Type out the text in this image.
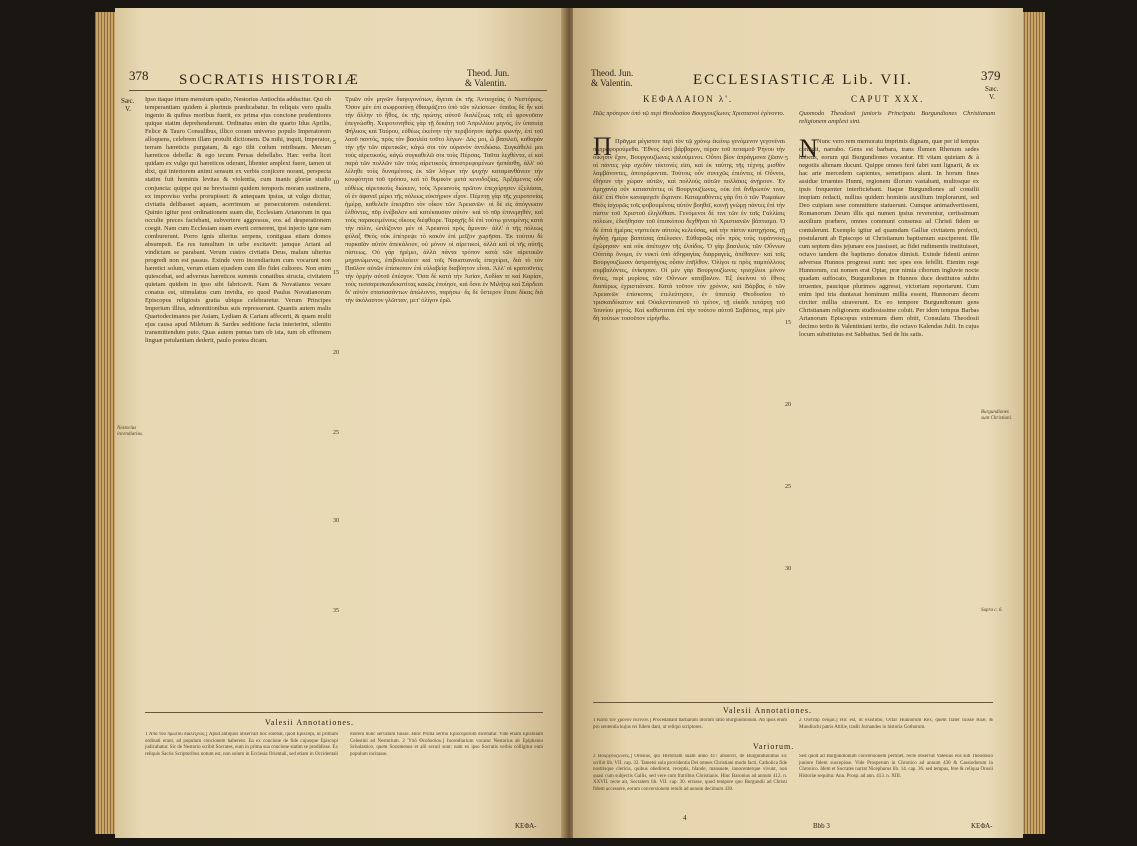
378 SOCRATIS HISTORIÆ	Theod. Jun.
& Valentin.
Sæc.
V.
Ipso itaque trium mensium spatio, Nestorius Antiochia adducitur. Qui ob temperantiam quidem à plurimis prædicabatur. In reliquis vero qualis ingenio & quibus moribus fuerit, ex prima ejus concione prudentiores quique statim deprehenderunt. Ordinatus enim die quarto Idus Aprilis, Felice & Tauro Consulibus, illico coram universo populo Imperatorem alloquens, celebrem illam protulit dictionem. Da mihi, inquit, Imperator, terram hæreticis purgatam, & ego tibi cœlum retribuam. Mecum hæreticos debella: & ego tecum Persas debellabo. Hæc verba licet quidam ex vulgo qui hæreticos oderant, libenter amplexi fuere, tamen ut dixi, qui interiorem animi sensum ex verbis conjicere norant, perspecta statim fuit hominis levitas & violentia, cum inanis gloriæ studio conjuncta: quippe qui ne brevissimi quidem temporis moram sustinens, ex improviso verba prorupisset: & antequam ipsius, ut vulgo dicitur, civitatis delibasset aquam, acerrimum se persecutorem ostenderet. Quinto igitur post ordinationem suam die, Ecclesiam Arianorum in qua occulte preces faciebant, subvertere aggressus, eos ad desperationem coegit. Nam cum Ecclesiam suam everti cernerent, ipsi injecto igne eam comburerunt. Porro ignis ulterius serpens, contiguas etiam domos absumpsit. Ea res tumultum in urbe excitavit: jamque Ariani ad vindictam se parabant. Verum custos civitatis Deus, malum ulterius progredi non est passus. Exinde vero incendiarium cum vocarunt non hæretici solum, verum etiam ejusdem cum illo fidei cultores. Non enim quiescebat, sed adversus hæreticos summis conatibus structa, civitatem quietam quidem in ipso sibi fabricavit. Nam & Novatianos vexare conatus est, stimulatus cum invidia, eo quod Paulus Novatianorum Episcopus religiosis gratia ubique celebraretur. Verum Principes Imperium illius, admonitionibus suis represserunt. Quantis autem malis Quartodecimanos per Asiam, Lydiam & Cariam affecerit, & quam multi ejus causa apud Miletum & Sardes seditione facta interierint, silentio transmittendum puto. Quas autem pœnas tum ob ista, tum ob effrenem linguæ petulantiam dederit, paulo postea dicam.
Nestorius incendiarius.
5
10
15
20
25
30
35
Τριῶν οὖν μηνῶν διαγεγονότων, ἄγεται ἐκ τῆς Ἀντιοχείας ὁ Νεστόριος. Ὅσον μὲν ἐπὶ σωφροσύνῃ ἐθαυμάζετο ὑπὸ τῶν πλείστων· ὁποῖος δὲ ἦν καὶ τὴν ἄλλην τὸ ἦθος, ἐκ τῆς πρώτης αὐτοῦ διαλέξεως τοῖς εὖ φρονοῦσιν ἐπεγνώσθη. Χειροτονηθεὶς γὰρ τῇ δεκάτῃ τοῦ Ἀπριλλίου μηνός, ἐν ὑπατείᾳ Φήλικος καὶ Ταύρου, εὐθέως ἐκείνην τὴν περιβόητον ἀφῆκε φωνήν, ἐπὶ τοῦ λαοῦ παντός, πρὸς τὸν βασιλέα τοῦτο λέγων· Δός μοι, ὦ βασιλεῦ, καθαρὰν τὴν γῆν τῶν αἱρετικῶν, κἀγώ σοι τὸν οὐρανὸν ἀντιδώσω. Συγκάθελέ μοι τοὺς αἱρετικούς, κἀγώ συγκαθελῶ σοι τοὺς Πέρσας. Ταῦτα λεχθέντα, εἰ καὶ παρὰ τῶν πολλῶν τῶν τοὺς αἱρετικοὺς ἀποστρεφομένων ἠσπάσθη, ἀλλ' οὐ λέληθε τοὺς δυναμένους ἐκ τῶν λόγων τὴν ψυχὴν καταμανθάνειν τὴν κουφότητα τοῦ τρόπου, καὶ τὸ θυμικὸν μετὰ κενοδοξίας. Ἀρξάμενος οὖν εὐθέως αἱρετικοὺς διώκειν, τοὺς Ἀρειανοὺς πρῶτον ἐπεχείρησεν ἐξελάσαι, οἳ ἐν ἀφανεῖ μέρει τῆς πόλεως εὐκτήριον εἶχον. Πέμπτῃ γὰρ τῆς χειροτονίας ἡμέρᾳ, καθελεῖν ἐπειρᾶτο τὸν οἶκον τῶν Ἀρειανῶν· οἱ δὲ εἰς ἀπόγνωσιν ἐλθόντες, πῦρ ἐνέβαλον καὶ κατέκαυσαν αὐτόν· καὶ τὸ πῦρ ἐπινεμηθέν, καὶ τοὺς παρακειμένους οἴκους διέφθειρε. Ταραχῆς δὲ ἐπὶ τούτῳ γενομένης κατὰ τὴν πόλιν, ὡπλίζοντο μὲν οἱ Ἀρειανοὶ πρὸς ἄμυναν· ἀλλ' ὁ τῆς πόλεως φύλαξ Θεὸς οὐκ ἐπέτρεψε τὸ κακὸν ἐπὶ μεῖζον χωρῆσαι. Ἐκ τούτου δὲ πυρκαϊὰν αὐτὸν ἀπεκάλουν, οὐ μόνον οἱ αἱρετικοί, ἀλλὰ καὶ οἱ τῆς αὐτῆς πίστεως. Οὐ γὰρ ἠρέμει, ἀλλὰ πάντα τρόπον κατὰ τῶν αἱρετικῶν μηχανώμενος, ἐπιβουλεύειν καὶ τοῖς Ναυατιανοῖς ἐπεχείρει, διὰ τὸ τὸν Παῦλον αὐτῶν ἐπίσκοπον ἐπὶ εὐλαβείᾳ διαβόητον εἶναι. Ἀλλ' οἱ κρατοῦντες τὴν ὁρμὴν αὐτοῦ ἐπέσχον. Ὅσα δὲ κατὰ τὴν Ἀσίαν, Λυδίαν τε καὶ Καρίαν, τοὺς τεσσαρεσκαιδεκατίτας κακῶς ἐποίησε, καὶ ὅσοι ἐν Μιλήτῳ καὶ Σάρδεσι δι' αὐτὸν στασιασάντων ἀπώλοντο, παρήσω· ἃς δὲ ὕστερον ἔτισε δίκας διὰ τὴν ἀκόλαστον γλῶτταν, μετ' ὀλίγον ἐρῶ.
Valesii Annotationes.
1 Ἀπὸ τοῦ πρώτου διαλέξεως.] Apud antiquos observari hoc solebat, quod Episcopi, ut primum ordinati erant, ad populum concionem haberent. Ea ex concione de fide cujusque Episcopi judicabatur. Sic de Nestorio scribit Socrates, eum in prima sua concione statim se prodidisse. Ex reliquis Sacris Scriptoribus notum est, non solum in Ecclesia Orientali, sed etiam in Occidentali morem hunc servatum fuisse. Hinc Prima sermo Episcoporum dicebatur. Vide etiam Epistolam Celestini ad Nestorium. 2 Ὑπὸ Θεοδοσίου.] Incendiarium vocatur Nestorius ab Epiphanio Scholastico, quem Sozomenus et alii secuti sunt: nam ex ipso Socratis verbis colligitur eum populum incitasse.
ΚΕΦΑ-
Theod. Jun.
& Valentin.	ECCLESIASTICÆ Lib. VII.	379
Sæc.
V.
ΚΕΦΑΛΑΙΟΝ λ'.	CAPUT XXX.
Πῶς πρότερον ὑπὸ τῷ περὶ Θεοδοσίου Βουργουζίωνες Χριστιανοὶ ἐγένοντο.	Quomodo Theodosii junioris Principatu Burgundiones Christianam religionem amplexi sint.
Π Πρᾶγμα μέγιστον περὶ τὸν τῷ χρόνῳ ἐκείνῳ γενόμενον γεγονέναι πληροφορούμεθα. Ἔθνος ἐστὶ βάρβαρον, πέραν τοῦ ποταμοῦ Ῥήνου τὴν οἴκησιν ἔχον, Βουργουζίωνες καλούμενοι. Οὗτοι βίον ἀπράγμονα ζῶσιν· οἱ πάντες γὰρ σχεδὸν τέκτονές εἰσι, καὶ ἐκ ταύτης τῆς τέχνης μισθὸν λαμβάνοντες, ἀποτρέφονται. Τούτοις οὖν συνεχῶς ἐπιόντες οἱ Οὖννοι, ἐδῄουν τὴν χώραν αὐτῶν, καὶ πολλοὺς αὐτῶν πολλάκις ἀνῄρουν. Ἐν ἀμηχανίᾳ οὖν καταστάντες οἱ Βουργουζίωνες, οὐκ ἐπὶ ἄνθρωπόν τινα, ἀλλ' ἐπὶ Θεὸν καταφυγεῖν ἔκριναν. Καταμαθόντες γὰρ ὅτι ὁ τῶν Ῥωμαίων Θεὸς ἰσχυρῶς τοῖς φοβουμένοις αὐτὸν βοηθεῖ, κοινῇ γνώμῃ πάντες ἐπὶ τὴν πίστιν τοῦ Χριστοῦ ἐληλύθασι. Γενόμενοι δέ τινι τῶν ἐν ταῖς Γαλλίαις πόλεων, ἐδεήθησαν τοῦ ἐπισκόπου δεχθῆναι τὸ Χριστιανῶν βάπτισμα. Ὁ δὲ ἑπτὰ ἡμέρας νηστεύειν αὐτοὺς κελεύσας, καὶ τὴν πίστιν κατηχήσας, τῇ ὀγδόῃ ἡμέρᾳ βαπτίσας ἀπέλυσεν. Εὐθαρσῶς οὖν πρὸς τοὺς τυράννους ἐχώρησαν· καὶ οὐκ ἀπέτυχον τῆς ἐλπίδος. Ὁ γὰρ βασιλεὺς τῶν Οὔννων Οὐπτὰρ ὄνομα, ἐν νυκτὶ ὑπὸ ἀδηφαγίας διαρραγείς, ἀπέθανεν· καὶ τοῖς Βουργουζίωσιν ἀστρατήγοις οὖσιν ἐπῆλθον. Ὀλίγοι τε πρὸς παμπόλλους συμβαλόντες, ἐνίκησαν. Οἱ μὲν γὰρ Βουργουζίωνες τρισχίλιοι μόνον ὄντες, περὶ μυρίους τῶν Οὔννων κατέβαλον. Ἐξ ἐκείνου τὸ ἔθνος διαπύρως ἐχριστιάνισε. Κατὰ τοῦτον τὸν χρόνον, καὶ Βάρβας ὁ τῶν Ἀρειανῶν ἐπίσκοπος ἐτελεύτησεν, ἐν ὑπατείᾳ Θεοδοσίου τὸ τρισκαιδέκατον καὶ Οὐαλεντινιανοῦ τὸ τρίτον, τῇ εἰκάδι τετάρτῃ τοῦ Ἰουνίου μηνός. Καὶ καθίσταται ἐπὶ τὴν τούτου αὐτοῦ Σαβάτιος, περὶ μὲν δὴ τούτων τοσοῦτον εἰρήσθω.
5
10
15
20
25
30
N Nunc vero rem memoratu imprimis dignam, quæ per id tempus contigit, narrabo. Gens est barbara, trans flumen Rhenum sedes habens, eorum qui Burgundiones vocantur. Hi vitam quietam & à negotiis alienam ducunt. Quippe omnes ferè fabri sunt lignarii, & ex hac arte mercedem capientes, semetipsos alunt. In horum fines assidue irruentes Hunni, regionem illorum vastabant, multosque ex ipsis frequenter interficiebant. Itaque Burgundiones ad consilii inopiam redacti, nullius quidem hominis auxilium implorarunt, sed Deo cuipiam sese committere statuerunt. Cumque animadvertissent, Romanorum Deum illis qui numen ipsius reverentur, certissimum auxilium præbere, omnes communi consensu ad Christi fidem se contulerunt. Exemplo igitur ad quamdam Galliæ civitatem profecti, postularunt ab Episcopo ut Christianum baptismum susciperent. Ille cum septem dies jejunare eos jussisset, ac fidei rudimentis instituisset, octavo tandem die baptismo donatos dimisit. Exinde fidenti animo adversus Hunnos progressi sunt: nec spes eos fefellit. Etenim rege Hunnorum, cui nomen erat Optar, præ nimia ciborum ingluvie nocte quadam suffocato, Burgundiones in Hunnos duce destitutos subito irruentes, paucique plurimos aggressi, victoriam reportarunt. Cum enim ipsi tria duntaxat hominum millia essent, Hunnorum decem circiter millia straverunt. Ex eo tempore Burgundionum gens Christianam religionem studiosissime coluit. Per idem tempus Barbas Arianorum Episcopus extremum diem obiit, Consulatu Theodosii decimo tertio & Valentiniani tertio, die octavo Kalendas Julii. In cujus locum substitutus est Sabbatius. Sed de his satis.
Burgundiones sunt Christiani.
Supra c. 6.
Valesii Annotationes.
1 Κατὰ τὸν χρόνον ἐκεῖνον.] Procedabant barbarum illorum ratio Burgundionum. Ab ipsis enim pro sententia hujus rei fidem dant, ut reliqui scriptores.
2 Οὐπτὰρ ὄνομα.] Hic est, ut existimo, Octar Hunnorum Rex, quem frater fuisse Roæ, & Mundiuchi patris Attilæ, tradit Jornandes in historia Gothorum.
Variorum.
2 Βουργουζίωνες.] Orosius, qui Historiam suam anno 417 absolvit, de Burgundionibus sic scribit lib. VII. cap. 32. Tametsi sola providentia Dei omnes Christiani modo facti, Catholica fide nostrisque clericis, quibus obedirent, receptis, blande, mansuete, innocenterque vivunt, non quasi cum subjectis Gallis, sed vere cum fratribus Christianis. Hinc Baronius ad annum 412. n. XXVII. recte ait, Socratem lib. VII. cap. 30. errasse, quod tempore quo Burgundii ad Christi fidem accessere, eorum conversionem retulit ad annum decimum 430.
Sed quod ad Burgundionum conversionem pertinet, recte observat Valesius eos sub Theodosio juniore fidem suscepisse. Vide Prosperum in Chronico ad annum 430 & Cassiodorum in Chronico. Idem et Socrates narrat Nicephorus lib. 14. cap. 36. sed tempus, fere & reliqua Orosii Historiæ sequitur. Ann. Prosp. ad ann. 413. n. XIII.
4
Bbb 3	ΚΕΦΑ-
